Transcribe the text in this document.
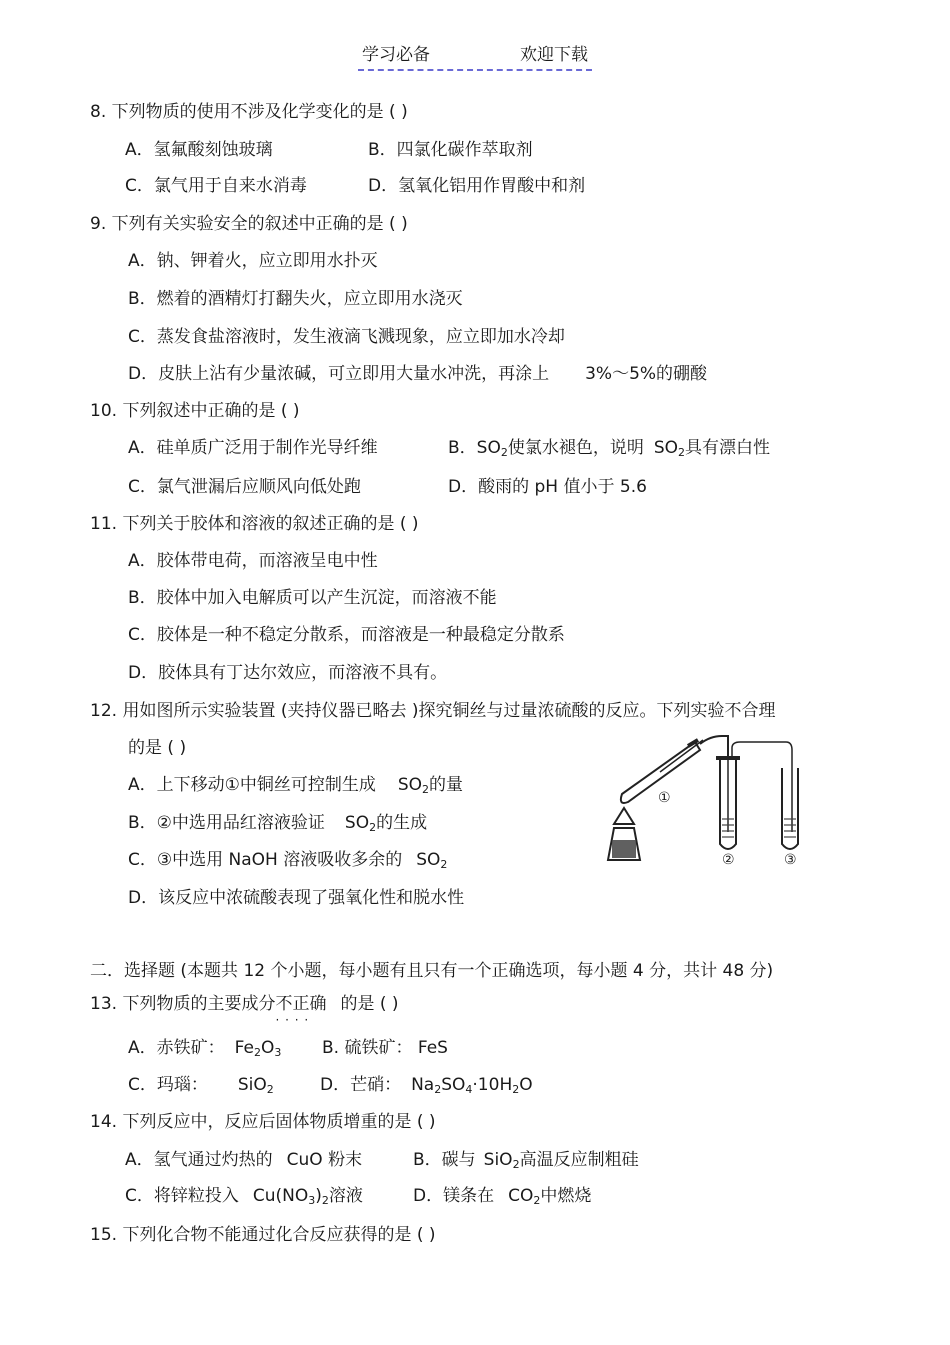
学习必备	欢迎下载
8. 下列物质的使用不涉及化学变化的是 ( )
A．氢氟酸刻蚀玻璃	B．四氯化碳作萃取剂
C．氯气用于自来水消毒	D．氢氧化铝用作胃酸中和剂
9. 下列有关实验安全的叙述中正确的是 ( )
A．钠、钾着火，应立即用水扑灭
B．燃着的酒精灯打翻失火，应立即用水浇灭
C．蒸发食盐溶液时，发生液滴飞溅现象，应立即加水冷却
D．皮肤上沾有少量浓碱，可立即用大量水冲洗，再涂上 3%～5%的硼酸
10. 下列叙述中正确的是 ( )
A．硅单质广泛用于制作光导纤维	B．$SO_2$使氯水褪色，说明 $SO_2$具有漂白性
C．氯气泄漏后应顺风向低处跑	D．酸雨的 pH 值小于 5.6
11. 下列关于胶体和溶液的叙述正确的是 ( )
A．胶体带电荷，而溶液呈电中性
B．胶体中加入电解质可以产生沉淀，而溶液不能
C．胶体是一种不稳定分散系，而溶液是一种最稳定分散系
D．胶体具有丁达尔效应，而溶液不具有。
12. 用如图所示实验装置 (夹持仪器已略去 )探究铜丝与过量浓硫酸的反应。下列实验不合理
的是 ( )
A．上下移动①中铜丝可控制生成 $SO_2$的量
B．②中选用品红溶液验证 $SO_2$的生成
C．③中选用 NaOH 溶液吸收多余的 $SO_2$
D．该反应中浓硫酸表现了强氧化性和脱水性
①
②	③
二．选择题 (本题共 12 个小题，每小题有且只有一个正确选项，每小题 4 分，共计 48 分)
13. 下列物质的主要成分不正确 · · · · 的是 ( )
A．赤铁矿： $Fe_2O_3$ B. 硫铁矿： FeS
C．玛瑙： SiO$_2$	D．芒硝： $Na_2SO_4\cdot 10H_2O$
14. 下列反应中，反应后固体物质增重的是 ( )
A．氢气通过灼热的 CuO 粉末	B．碳与 SiO$_2$高温反应制粗硅
C．将锌粒投入 $Cu(NO_3)_2$溶液	D．镁条在 $CO_2$中燃烧
15. 下列化合物不能通过化合反应获得的是 ( )
